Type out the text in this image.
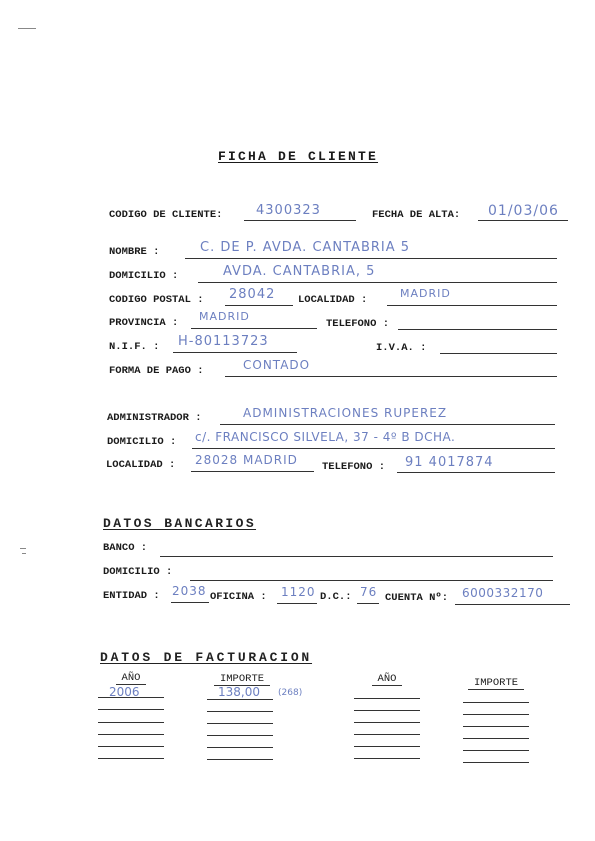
FICHA DE CLIENTE
CODIGO DE CLIENTE:	4300323	FECHA DE ALTA: 01/03/06
NOMBRE :	C. DE P. AVDA. CANTABRIA 5
DOMICILIO :	AVDA. CANTABRIA, 5
CODIGO POSTAL : 28042 LOCALIDAD :	MADRID
PROVINCIA : MADRID
TELEFONO :
N.I.F. : H-80113723	I.V.A. :
FORMA DE PAGO :	CONTADO
ADMINISTRADOR :	ADMINISTRACIONES RUPEREZ
DOMICILIO : c/. FRANCISCO SILVELA, 37 - 4º B DCHA.
LOCALIDAD : 28028 MADRID TELEFONO : 91 4017874
DATOS BANCARIOS
BANCO :
DOMICILIO :
ENTIDAD : 2038 OFICINA : 1120 D.C.: 76 CUENTA Nº: 6000332170
DATOS DE FACTURACION
AÑO	IMPORTE	AÑO	IMPORTE
2006	138,00 (268)
